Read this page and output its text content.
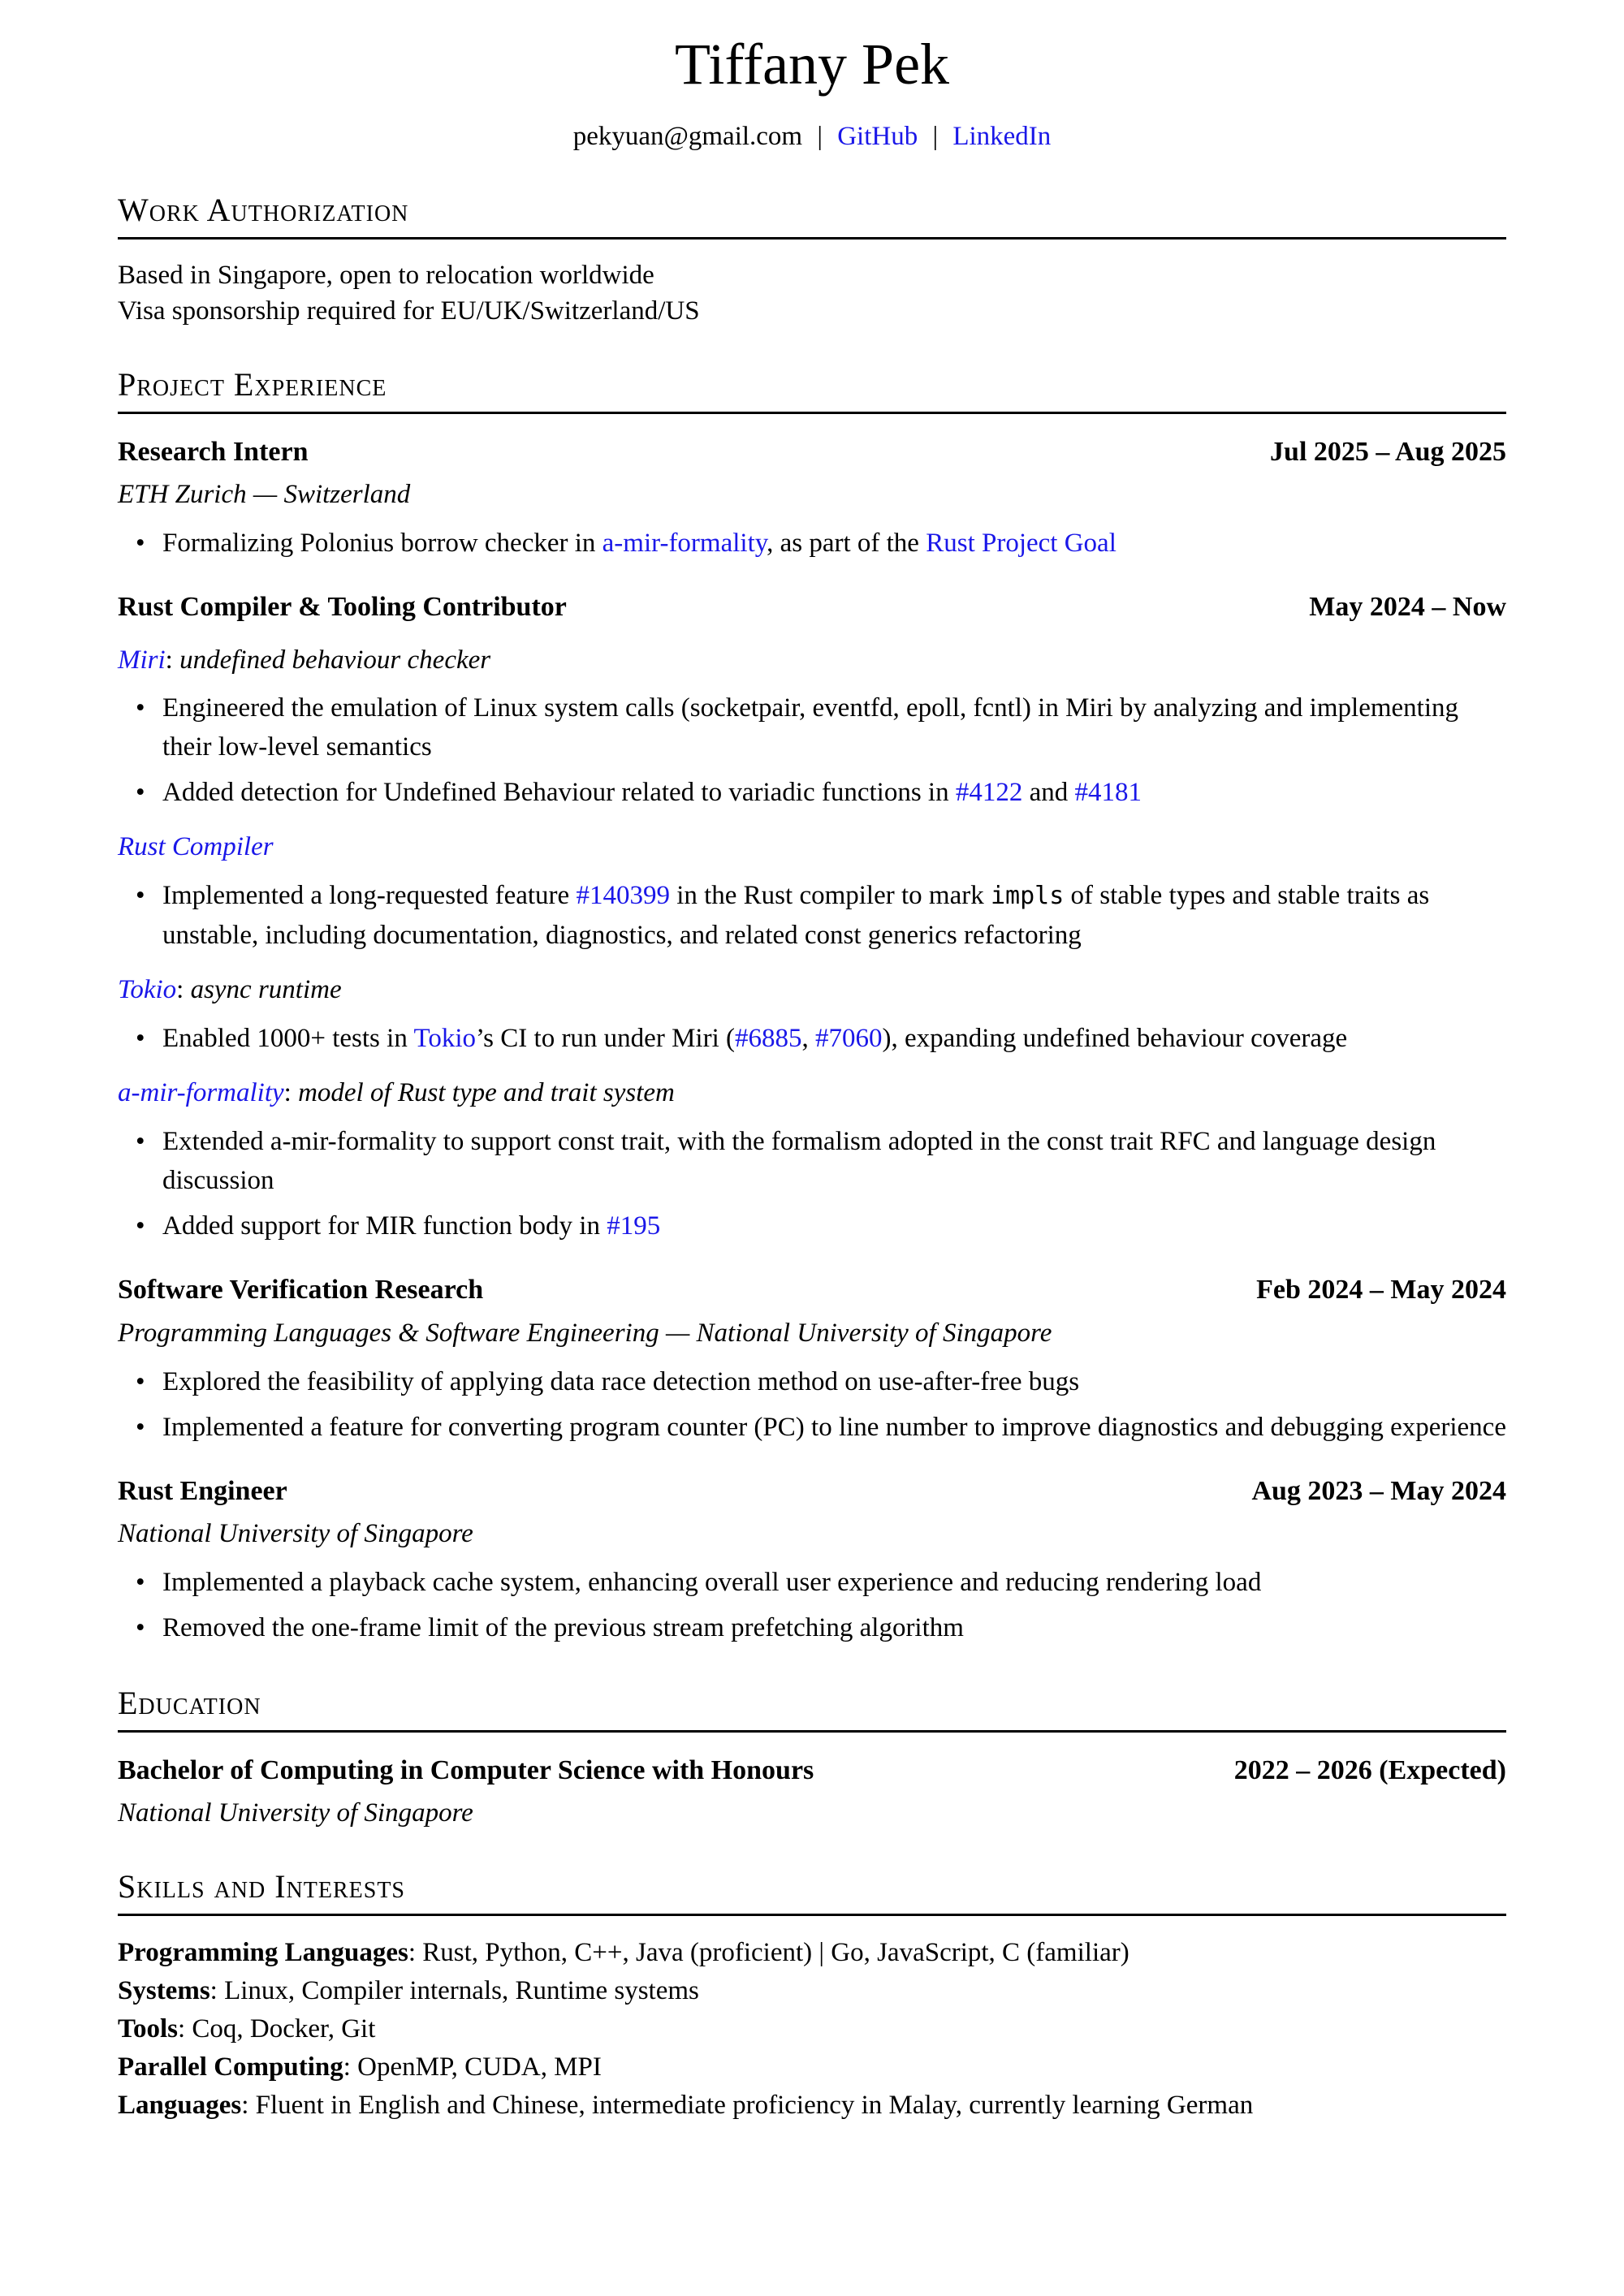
Tiffany Pek
pekyuan@gmail.com | GitHub | LinkedIn
Work Authorization

Based in Singapore, open to relocation worldwide

Visa sponsorship required for EU/UK/Switzerland/US

Project Experience
Research Intern	Jul 2025 – Aug 2025

ETH Zurich — Switzerland

• Formalizing Polonius borrow checker in a-mir-formality, as part of the Rust Project Goal
Rust Compiler & Tooling Contributor	May 2024 – Now

Miri: undefined behaviour checker

• Engineered the emulation of Linux system calls (socketpair, eventfd, epoll, fcntl) in Miri by analyzing and implementing their low-level semantics
• Added detection for Undefined Behaviour related to variadic functions in #4122 and #4181

Rust Compiler

• Implemented a long-requested feature #140399 in the Rust compiler to mark impls of stable types and stable traits as unstable, including documentation, diagnostics, and related const generics refactoring

Tokio: async runtime

• Enabled 1000+ tests in Tokio’s CI to run under Miri (#6885, #7060), expanding undefined behaviour coverage

a-mir-formality: model of Rust type and trait system

• Extended a-mir-formality to support const trait, with the formalism adopted in the const trait RFC and language design discussion
• Added support for MIR function body in #195
Software Verification Research	Feb 2024 – May 2024

Programming Languages & Software Engineering — National University of Singapore

• Explored the feasibility of applying data race detection method on use-after-free bugs
• Implemented a feature for converting program counter (PC) to line number to improve diagnostics and debugging experience
Rust Engineer	Aug 2023 – May 2024

National University of Singapore

• Implemented a playback cache system, enhancing overall user experience and reducing rendering load
• Removed the one-frame limit of the previous stream prefetching algorithm
Education
Bachelor of Computing in Computer Science with Honours	2022 – 2026 (Expected)

National University of Singapore

Skills and Interests

Programming Languages: Rust, Python, C++, Java (proficient) | Go, JavaScript, C (familiar)

Systems: Linux, Compiler internals, Runtime systems

Tools: Coq, Docker, Git

Parallel Computing: OpenMP, CUDA, MPI

Languages: Fluent in English and Chinese, intermediate proficiency in Malay, currently learning German
